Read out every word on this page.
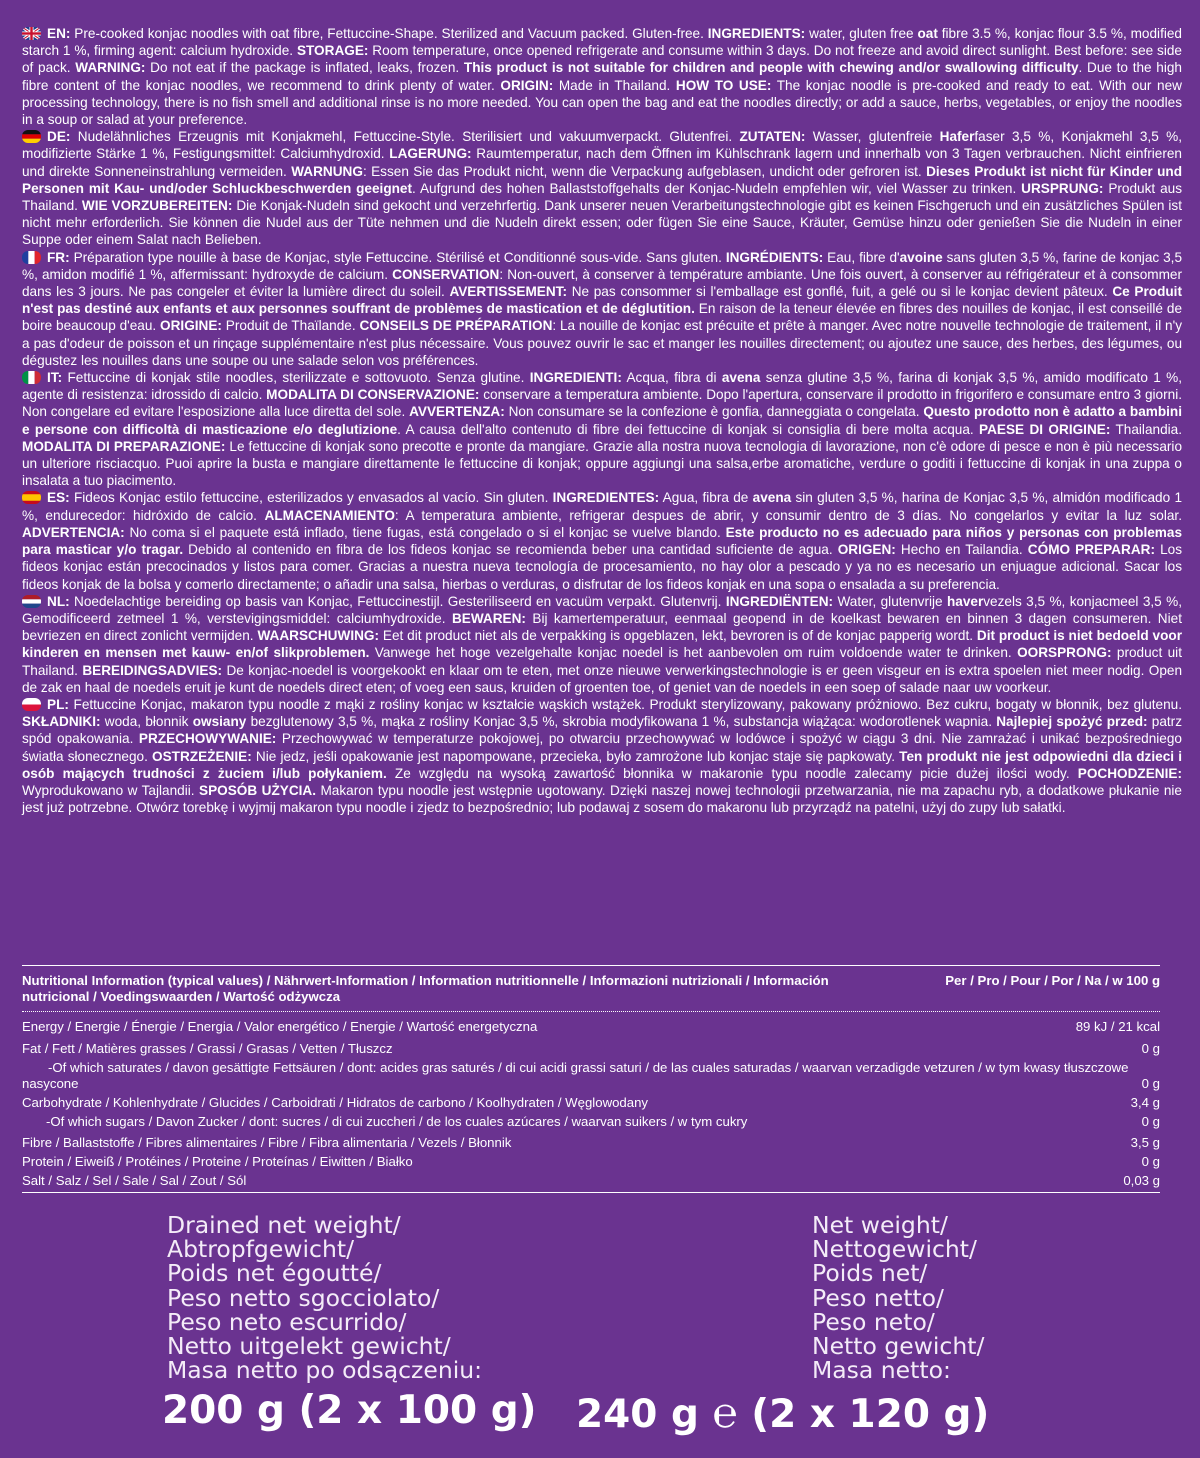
EN: Pre-cooked konjac noodles with oat fibre, Fettuccine-Shape. Sterilized and Vacuum packed. Gluten-free. INGREDIENTS: water, gluten free oat fibre 3.5 %, konjac flour 3.5 %, modified starch 1 %, firming agent: calcium hydroxide. STORAGE: Room temperature, once opened refrigerate and consume within 3 days. Do not freeze and avoid direct sunlight. Best before: see side of pack. WARNING: Do not eat if the package is inflated, leaks, frozen. This product is not suitable for children and people with chewing and/or swallowing difficulty. Due to the high fibre content of the konjac noodles, we recommend to drink plenty of water. ORIGIN: Made in Thailand. HOW TO USE: The konjac noodle is pre-cooked and ready to eat. With our new processing technology, there is no fish smell and additional rinse is no more needed. You can open the bag and eat the noodles directly; or add a sauce, herbs, vegetables, or enjoy the noodles in a soup or salad at your preference.

DE: Nudelähnliches Erzeugnis mit Konjakmehl, Fettuccine-Style. Sterilisiert und vakuumverpackt. Glutenfrei. ZUTATEN: Wasser, glutenfreie Haferfaser 3,5 %, Konjakmehl 3,5 %, modifizierte Stärke 1 %, Festigungsmittel: Calciumhydroxid. LAGERUNG: Raumtemperatur, nach dem Öffnen im Kühlschrank lagern und innerhalb von 3 Tagen verbrauchen. Nicht einfrieren und direkte Sonneneinstrahlung vermeiden. WARNUNG: Essen Sie das Produkt nicht, wenn die Verpackung aufgeblasen, undicht oder gefroren ist. Dieses Produkt ist nicht für Kinder und Personen mit Kau- und/oder Schluckbeschwerden geeignet. Aufgrund des hohen Ballaststoffgehalts der Konjac-Nudeln empfehlen wir, viel Wasser zu trinken. URSPRUNG: Produkt aus Thailand. WIE VORZUBEREITEN: Die Konjak-Nudeln sind gekocht und verzehrfertig. Dank unserer neuen Verarbeitungstechnologie gibt es keinen Fischgeruch und ein zusätzliches Spülen ist nicht mehr erforderlich. Sie können die Nudel aus der Tüte nehmen und die Nudeln direkt essen; oder fügen Sie eine Sauce, Kräuter, Gemüse hinzu oder genießen Sie die Nudeln in einer Suppe oder einem Salat nach Belieben.

FR: Préparation type nouille à base de Konjac, style Fettuccine. Stérilisé et Conditionné sous-vide. Sans gluten. INGRÉDIENTS: Eau, fibre d'avoine sans gluten 3,5 %, farine de konjac 3,5 %, amidon modifié 1 %, affermissant: hydroxyde de calcium. CONSERVATION: Non-ouvert, à conserver à température ambiante. Une fois ouvert, à conserver au réfrigérateur et à consommer dans les 3 jours. Ne pas congeler et éviter la lumière direct du soleil. AVERTISSEMENT: Ne pas consommer si l'emballage est gonflé, fuit, a gelé ou si le konjac devient pâteux. Ce Produit n'est pas destiné aux enfants et aux personnes souffrant de problèmes de mastication et de déglutition. En raison de la teneur élevée en fibres des nouilles de konjac, il est conseillé de boire beaucoup d'eau. ORIGINE: Produit de Thaïlande. CONSEILS DE PRÉPARATION: La nouille de konjac est précuite et prête à manger. Avec notre nouvelle technologie de traitement, il n'y a pas d'odeur de poisson et un rinçage supplémentaire n'est plus nécessaire. Vous pouvez ouvrir le sac et manger les nouilles directement; ou ajoutez une sauce, des herbes, des légumes, ou dégustez les nouilles dans une soupe ou une salade selon vos préférences.

IT: Fettuccine di konjak stile noodles, sterilizzate e sottovuoto. Senza glutine. INGREDIENTI: Acqua, fibra di avena senza glutine 3,5 %, farina di konjak 3,5 %, amido modificato 1 %, agente di resistenza: idrossido di calcio. MODALITA DI CONSERVAZIONE: conservare a temperatura ambiente. Dopo l'apertura, conservare il prodotto in frigorifero e consumare entro 3 giorni. Non congelare ed evitare l'esposizione alla luce diretta del sole. AVVERTENZA: Non consumare se la confezione è gonfia, danneggiata o congelata. Questo prodotto non è adatto a bambini e persone con difficoltà di masticazione e/o deglutizione. A causa dell'alto contenuto di fibre dei fettuccine di konjak si consiglia di bere molta acqua. PAESE DI ORIGINE: Thailandia. MODALITA DI PREPARAZIONE: Le fettuccine di konjak sono precotte e pronte da mangiare. Grazie alla nostra nuova tecnologia di lavorazione, non c'è odore di pesce e non è più necessario un ulteriore risciacquo. Puoi aprire la busta e mangiare direttamente le fettuccine di konjak; oppure aggiungi una salsa,erbe aromatiche, verdure o goditi i fettuccine di konjak in una zuppa o insalata a tuo piacimento.

ES: Fideos Konjac estilo fettuccine, esterilizados y envasados al vacío. Sin gluten. INGREDIENTES: Agua, fibra de avena sin gluten 3,5 %, harina de Konjac 3,5 %, almidón modificado 1 %, endurecedor: hidróxido de calcio. ALMACENAMIENTO: A temperatura ambiente, refrigerar despues de abrir, y consumir dentro de 3 días. No congelarlos y evitar la luz solar. ADVERTENCIA: No coma si el paquete está inflado, tiene fugas, está congelado o si el konjac se vuelve blando. Este producto no es adecuado para niños y personas con problemas para masticar y/o tragar. Debido al contenido en fibra de los fideos konjac se recomienda beber una cantidad suficiente de agua. ORIGEN: Hecho en Tailandia. CÓMO PREPARAR: Los fideos konjac están precocinados y listos para comer. Gracias a nuestra nueva tecnología de procesamiento, no hay olor a pescado y ya no es necesario un enjuague adicional. Sacar los fideos konjak de la bolsa y comerlo directamente; o añadir una salsa, hierbas o verduras, o disfrutar de los fideos konjak en una sopa o ensalada a su preferencia.

NL: Noedelachtige bereiding op basis van Konjac, Fettuccinestijl. Gesteriliseerd en vacuüm verpakt. Glutenvrij. INGREDIËNTEN: Water, glutenvrije havervezels 3,5 %, konjacmeel 3,5 %, Gemodificeerd zetmeel 1 %, verstevigingsmiddel: calciumhydroxide. BEWAREN: Bij kamertemperatuur, eenmaal geopend in de koelkast bewaren en binnen 3 dagen consumeren. Niet bevriezen en direct zonlicht vermijden. WAARSCHUWING: Eet dit product niet als de verpakking is opgeblazen, lekt, bevroren is of de konjac papperig wordt. Dit product is niet bedoeld voor kinderen en mensen met kauw- en/of slikproblemen. Vanwege het hoge vezelgehalte konjac noedel is het aanbevolen om ruim voldoende water te drinken. OORSPRONG: product uit Thailand. BEREIDINGSADVIES: De konjac-noedel is voorgekookt en klaar om te eten, met onze nieuwe verwerkingstechnologie is er geen visgeur en is extra spoelen niet meer nodig. Open de zak en haal de noedels eruit je kunt de noedels direct eten; of voeg een saus, kruiden of groenten toe, of geniet van de noedels in een soep of salade naar uw voorkeur.

PL: Fettuccine Konjac, makaron typu noodle z mąki z rośliny konjac w kształcie wąskich wstążek. Produkt sterylizowany, pakowany próżniowo. Bez cukru, bogaty w błonnik, bez glutenu. SKŁADNIKI: woda, błonnik owsiany bezglutenowy 3,5 %, mąka z rośliny Konjac 3,5 %, skrobia modyfikowana 1 %, substancja wiążąca: wodorotlenek wapnia. Najlepiej spożyć przed: patrz spód opakowania. PRZECHOWYWANIE: Przechowywać w temperaturze pokojowej, po otwarciu przechowywać w lodówce i spożyć w ciągu 3 dni. Nie zamrażać i unikać bezpośredniego światła słonecznego. OSTRZEŻENIE: Nie jedz, jeśli opakowanie jest napompowane, przecieka, było zamrożone lub konjac staje się papkowaty. Ten produkt nie jest odpowiedni dla dzieci i osób mających trudności z żuciem i/lub połykaniem. Ze względu na wysoką zawartość błonnika w makaronie typu noodle zalecamy picie dużej ilości wody. POCHODZENIE: Wyprodukowano w Tajlandii. SPOSÓB UŻYCIA. Makaron typu noodle jest wstępnie ugotowany. Dzięki naszej nowej technologii przetwarzania, nie ma zapachu ryb, a dodatkowe płukanie nie jest już potrzebne. Otwórz torebkę i wyjmij makaron typu noodle i zjedz to bezpośrednio; lub podawaj z sosem do makaronu lub przyrządź na patelni, użyj do zupy lub sałatki.

Nutritional Information (typical values) / Nährwert-Information / Information nutritionnelle / Informazioni nutrizionali / Información nutricional / Voedingswaarden / Wartość odżywcza
Per / Pro / Pour / Por / Na / w 100 g
Energy / Energie / Énergie / Energia / Valor energético / Energie / Wartość energetyczna	89 kJ / 21 kcal
Fat / Fett / Matières grasses / Grassi / Grasas / Vetten / Tłuszcz	0 g
-Of which saturates / davon gesättigte Fettsäuren / dont: acides gras saturés / di cui acidi grassi saturi / de las cuales saturadas / waarvan verzadigde vetzuren / w tym kwasy tłuszczowe nasycone	0 g
Carbohydrate / Kohlenhydrate / Glucides / Carboidrati / Hidratos de carbono / Koolhydraten / Węglowodany	3,4 g
-Of which sugars / Davon Zucker / dont: sucres / di cui zuccheri / de los cuales azúcares / waarvan suikers / w tym cukry	0 g
Fibre / Ballaststoffe / Fibres alimentaires / Fibre / Fibra alimentaria / Vezels / Błonnik	3,5 g
Protein / Eiweiß / Protéines / Proteine / Proteínas / Eiwitten / Białko	0 g
Salt / Salz / Sel / Sale / Sal / Zout / Sól	0,03 g
Drained net weight/
Abtropfgewicht/
Poids net égoutté/
Peso netto sgocciolato/
Peso neto escurrido/
Netto uitgelekt gewicht/
Masa netto po odsączeniu:
Net weight/
Nettogewicht/
Poids net/
Peso netto/
Peso neto/
Netto gewicht/
Masa netto:
200 g (2 x 100 g) 240 g ℮ (2 x 120 g)
